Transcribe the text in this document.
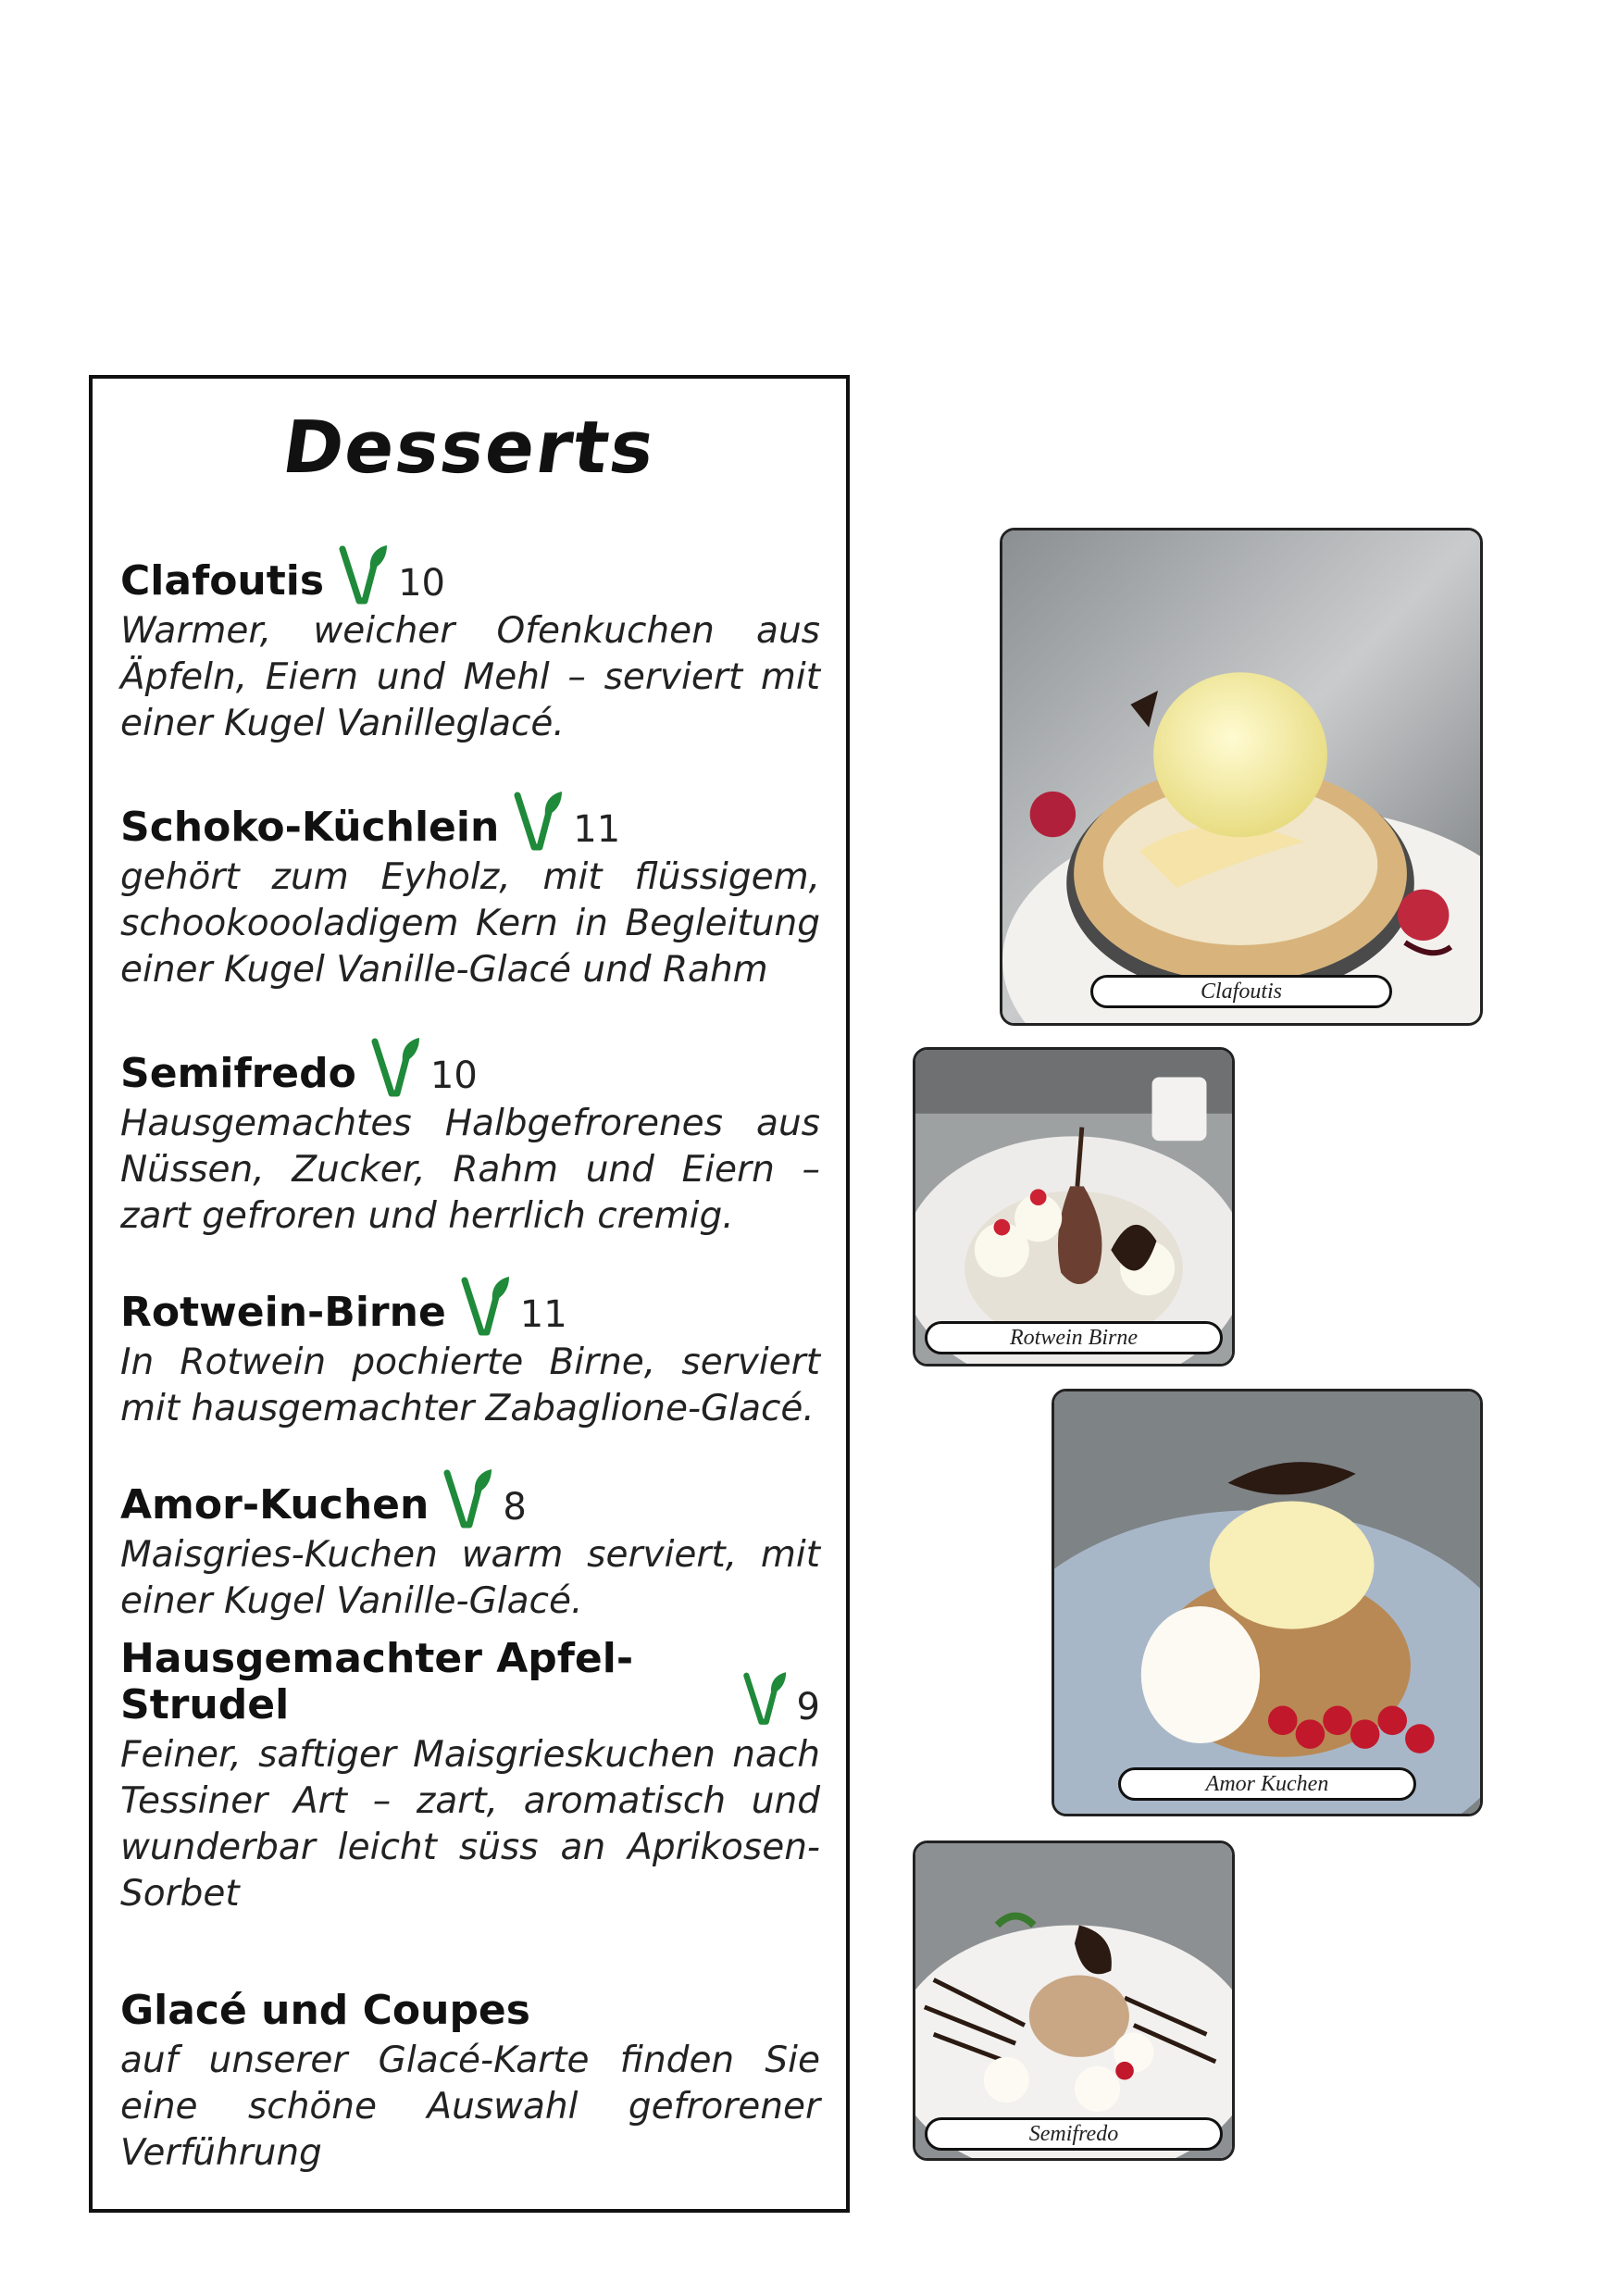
Desserts
Clafoutis 10
Warmer, weicher Ofenkuchen aus Äpfeln, Eiern und Mehl – serviert mit einer Kugel Vanilleglacé.
Schoko-Küchlein 11
gehört zum Eyholz, mit flüssigem, schookoooladigem Kern in Begleitung einer Kugel Vanille-Glacé und Rahm
Semifredo 10
Hausgemachtes Halbgefrorenes aus Nüssen, Zucker, Rahm und Eiern – zart gefroren und herrlich cremig.
Rotwein-Birne 11
In Rotwein pochierte Birne, serviert mit hausgemachter Zabaglione-Glacé.
Amor-Kuchen 8
Maisgries-Kuchen warm serviert, mit einer Kugel Vanille-Glacé.
Hausgemachter Apfel-Strudel	9
Feiner, saftiger Maisgrieskuchen nach Tessiner Art – zart, aromatisch und wunderbar leicht süss an Aprikosen-Sorbet
Glacé und Coupes
auf unserer Glacé-Karte finden Sie eine schöne Auswahl gefrorener Verführung
Clafoutis
Rotwein Birne
Amor Kuchen
Semifredo
